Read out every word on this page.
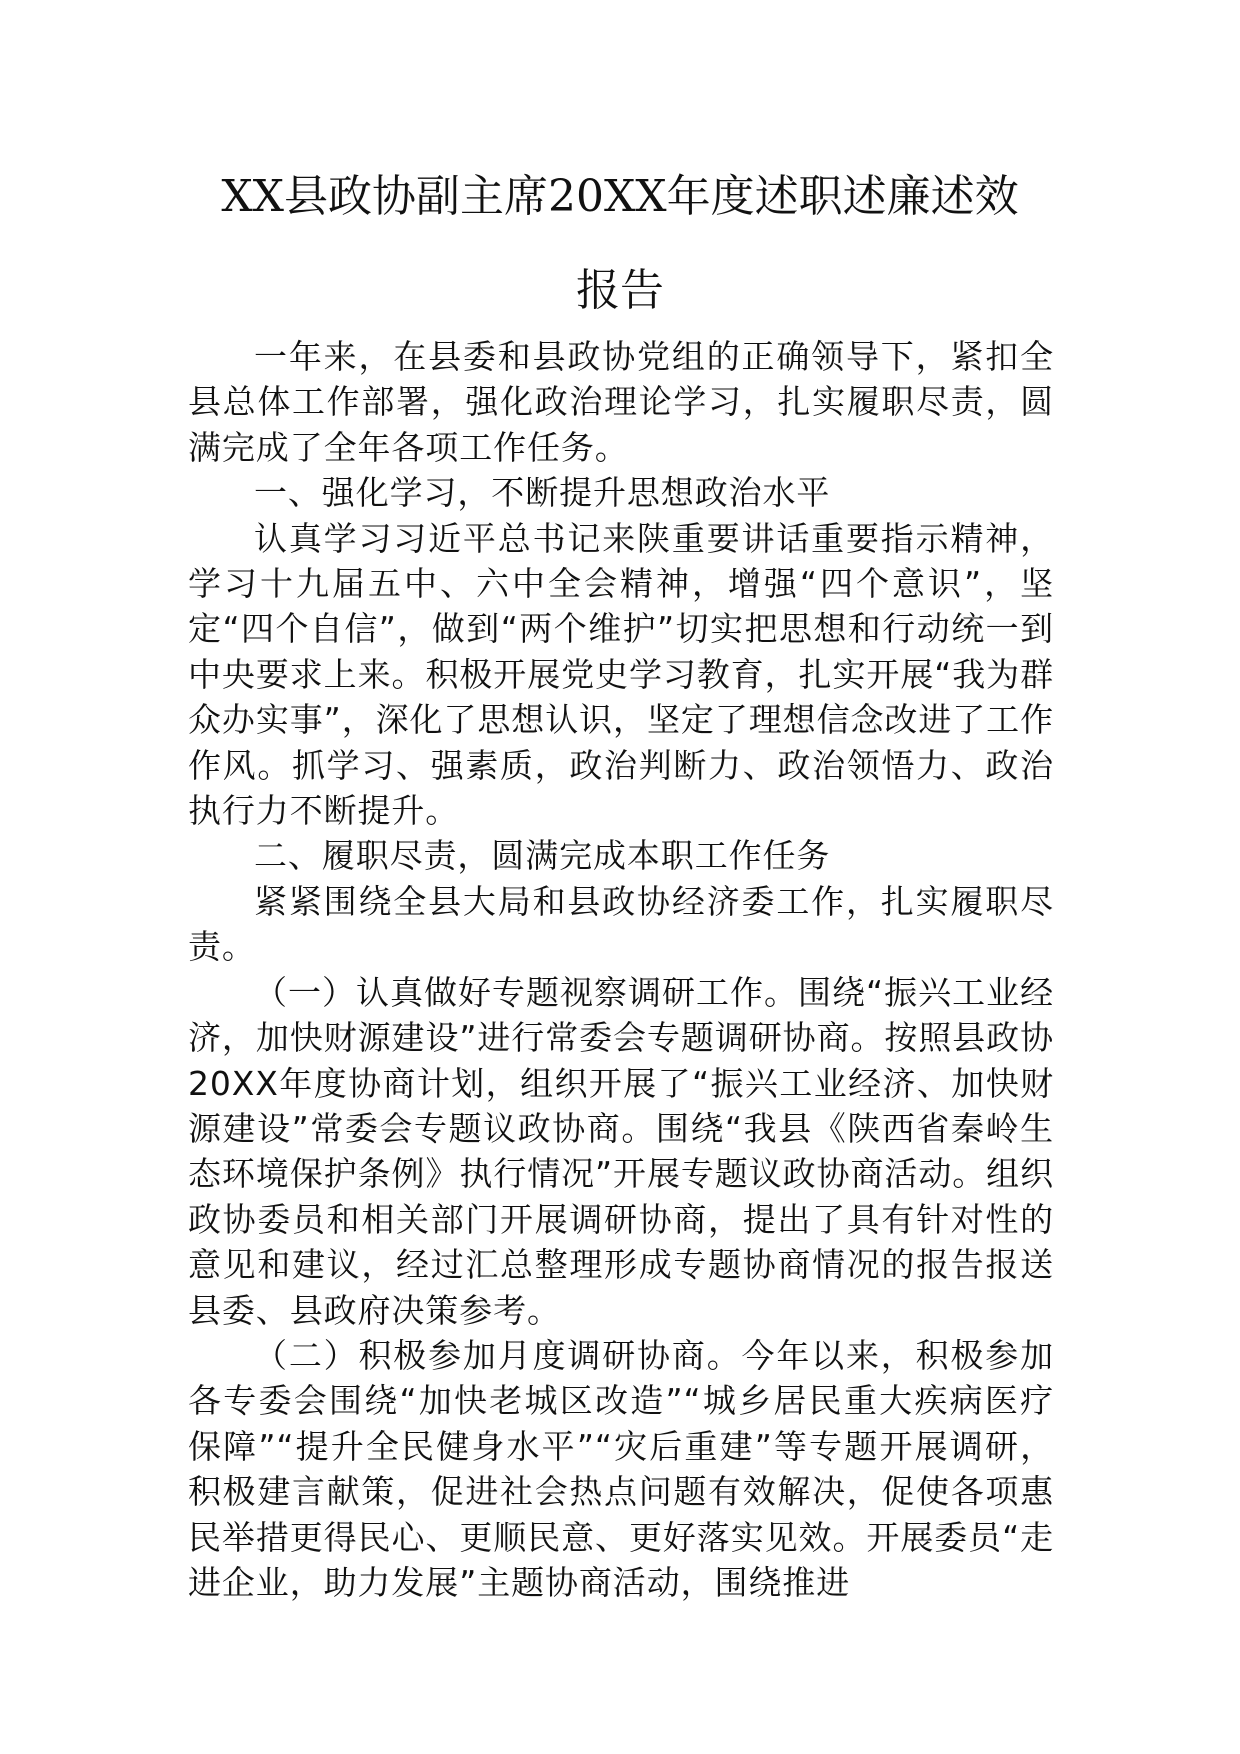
XX县政协副主席20XX年度述职述廉述效
报告

一年来，在县委和县政协党组的正确领导下，紧扣全县总体工作部署，强化政治理论学习，扎实履职尽责，圆满完成了全年各项工作任务。

一、强化学习，不断提升思想政治水平

认真学习习近平总书记来陕重要讲话重要指示精神，学习十九届五中、六中全会精神，增强“四个意识”，坚定“四个自信”，做到“两个维护”切实把思想和行动统一到中央要求上来。积极开展党史学习教育，扎实开展“我为群众办实事”，深化了思想认识，坚定了理想信念改进了工作作风。抓学习、强素质，政治判断力、政治领悟力、政治执行力不断提升。

二、履职尽责，圆满完成本职工作任务

紧紧围绕全县大局和县政协经济委工作，扎实履职尽责。

（一）认真做好专题视察调研工作。围绕“振兴工业经济，加快财源建设”进行常委会专题调研协商。按照县政协20XX年度协商计划，组织开展了“振兴工业经济、加快财源建设”常委会专题议政协商。围绕“我县《陕西省秦岭生态环境保护条例》执行情况”开展专题议政协商活动。组织政协委员和相关部门开展调研协商，提出了具有针对性的意见和建议，经过汇总整理形成专题协商情况的报告报送县委、县政府决策参考。

（二）积极参加月度调研协商。今年以来，积极参加各专委会围绕“加快老城区改造”“城乡居民重大疾病医疗保障”“提升全民健身水平”“灾后重建”等专题开展调研，积极建言献策，促进社会热点问题有效解决，促使各项惠民举措更得民心、更顺民意、更好落实见效。开展委员“走进企业，助力发展”主题协商活动，围绕推进
